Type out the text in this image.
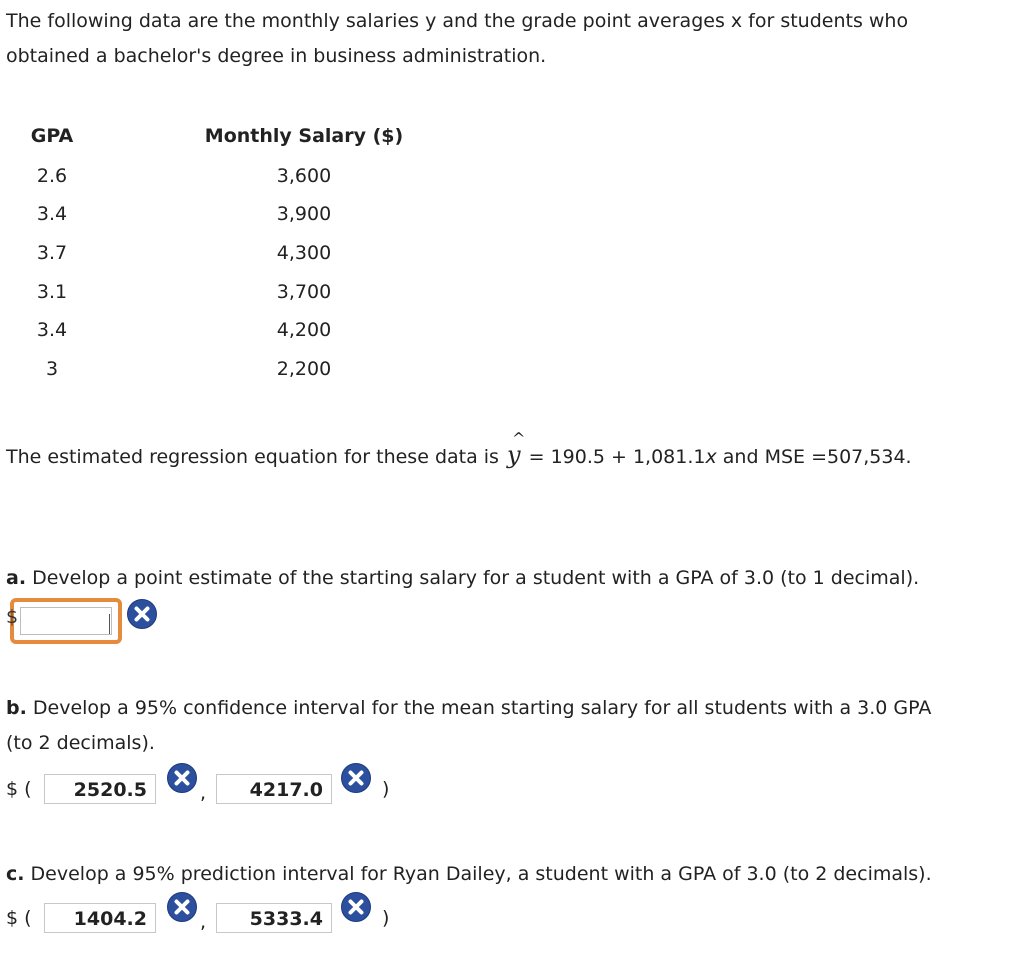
The following data are the monthly salaries y and the grade point averages x for students who
obtained a bachelor's degree in business administration.
GPA	Monthly Salary ($)
2.6	3,600
3.4	3,900
3.7	4,300
3.1	3,700
3.4	4,200
3	2,200
The estimated regression equation for these data is
^
y = 190.5 + 1,081.1x and MSE =507,534.
a. Develop a point estimate of the starting salary for a student with a GPA of 3.0 (to 1 decimal).
$
b. Develop a 95% confidence interval for the mean starting salary for all students with a 3.0 GPA
(to 2 decimals).
$ (	2520.5	,	4217.0	)
c. Develop a 95% prediction interval for Ryan Dailey, a student with a GPA of 3.0 (to 2 decimals).
$ (	1404.2	,	5333.4	)
